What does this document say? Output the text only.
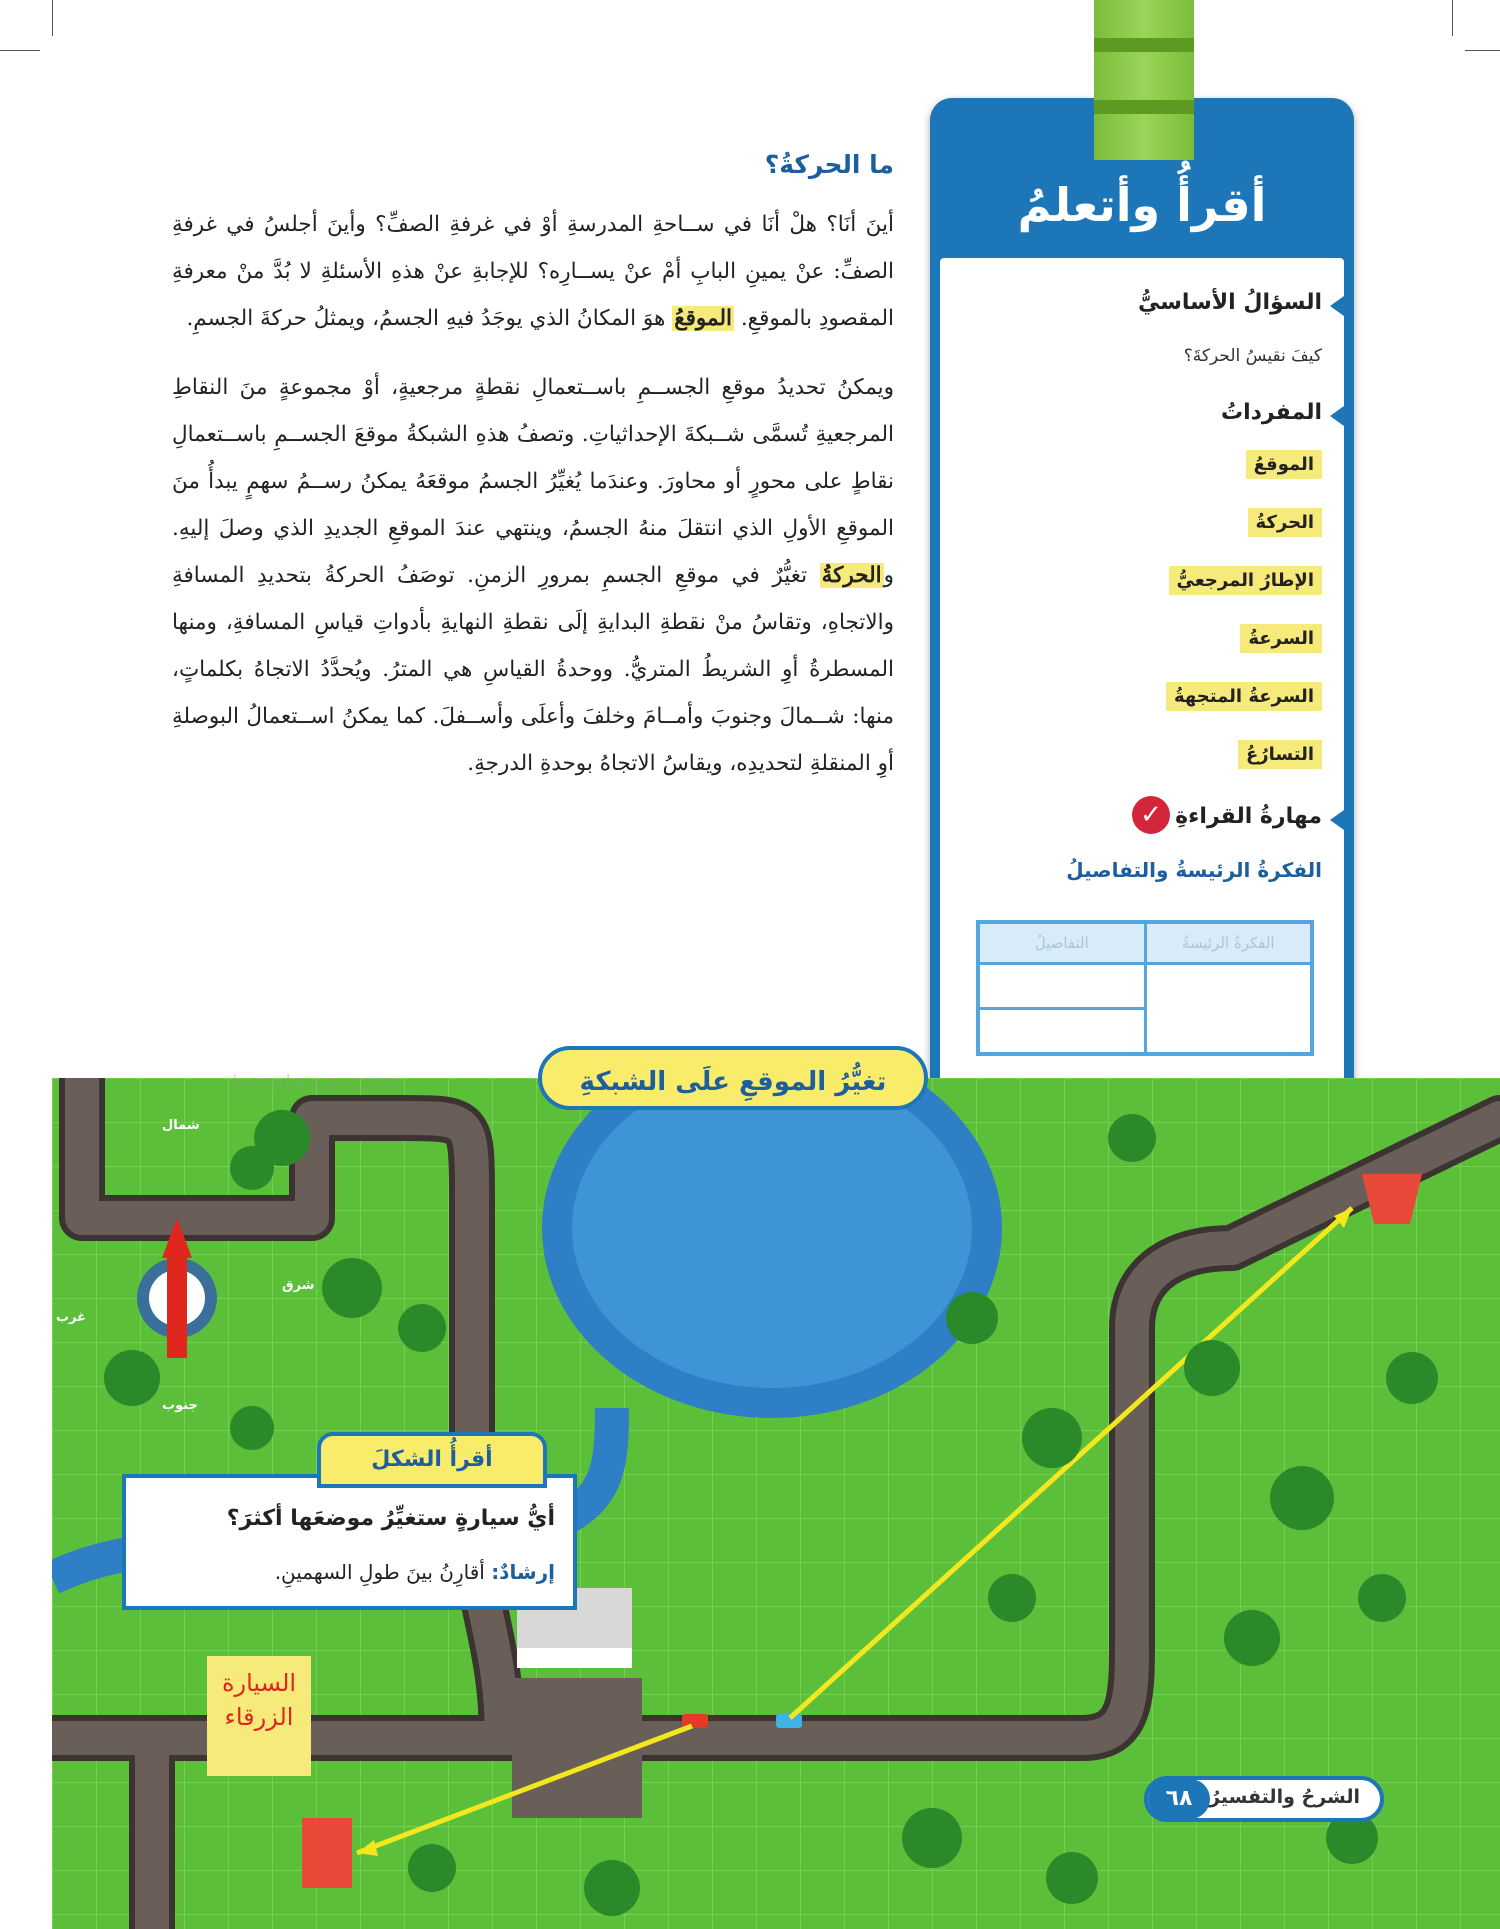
ما الحركةُ؟

أينَ أنَا؟ هلْ أنَا في ســاحةِ المدرسةِ أوْ في غرفةِ الصفِّ؟ وأينَ أجلسُ في غرفةِ الصفِّ: عنْ يمينِ البابِ أمْ عنْ يســارِه؟ للإجابةِ عنْ هذهِ الأسئلةِ لا بُدَّ منْ معرفةِ المقصودِ بالموقعِ. الموقعُ هوَ المكانُ الذي يوجَدُ فيهِ الجسمُ، ويمثلُ حركةَ الجسمِ.

ويمكنُ تحديدُ موقعِ الجســمِ باســتعمالِ نقطةٍ مرجعيةٍ، أوْ مجموعةٍ منَ النقاطِ المرجعيةِ تُسمَّى شــبكةَ الإحداثياتِ. وتصفُ هذهِ الشبكةُ موقعَ الجســمِ باســتعمالِ نقاطٍ على محورٍ أو محاورَ. وعندَما يُغيِّرُ الجسمُ موقعَهُ يمكنُ رســمُ سهمٍ يبدأُ منَ الموقعِ الأولِ الذي انتقلَ منهُ الجسمُ، وينتهي عندَ الموقعِ الجديدِ الذي وصلَ إليهِ. والحركةُ تغيُّرٌ في موقعِ الجسمِ بمرورِ الزمنِ. توصَفُ الحركةُ بتحديدِ المسافةِ والاتجاهِ، وتقاسُ منْ نقطةِ البدايةِ إلَى نقطةِ النهايةِ بأدواتِ قياسِ المسافةِ، ومنها المسطرةُ أوِ الشريطُ المتريُّ. ووحدةُ القياسِ هي المترُ. ويُحدَّدُ الاتجاهُ بكلماتٍ، منها: شــمالَ وجنوبَ وأمــامَ وخلفَ وأعلَى وأســفلَ. كما يمكنُ اســتعمالُ البوصلةِ أوِ المنقلةِ لتحديدِه، ويقاسُ الاتجاهُ بوحدةِ الدرجةِ.

أقرأُ وأتعلمُ
السؤالُ الأساسيُّ
كيفَ نقيسُ الحركةَ؟
المفرداتُ
الموقعُ
الحركةُ
الإطارُ المرجعيُّ
السرعةُ
السرعةُ المتجهةُ
التسارُعُ
مهارةُ القراءةِ
✓
الفكرةُ الرئيسةُ والتفاصيلُ
التفاصيلُ	الفكرةُ الرئيسةُ
شمال
شرق
غرب
جنوب
beadaya.com	تغيُّرُ الموقعِ علَى الشبكةِ
أيُّ سيارةٍ ستغيِّرُ موضعَها أكثرَ؟
إرشادٌ: أقارِنُ بينَ طولِ السهمينِ.
أقرأُ الشكلَ
السيارة
الزرقاء
٦٨ الشرحُ والتفسيرُ
